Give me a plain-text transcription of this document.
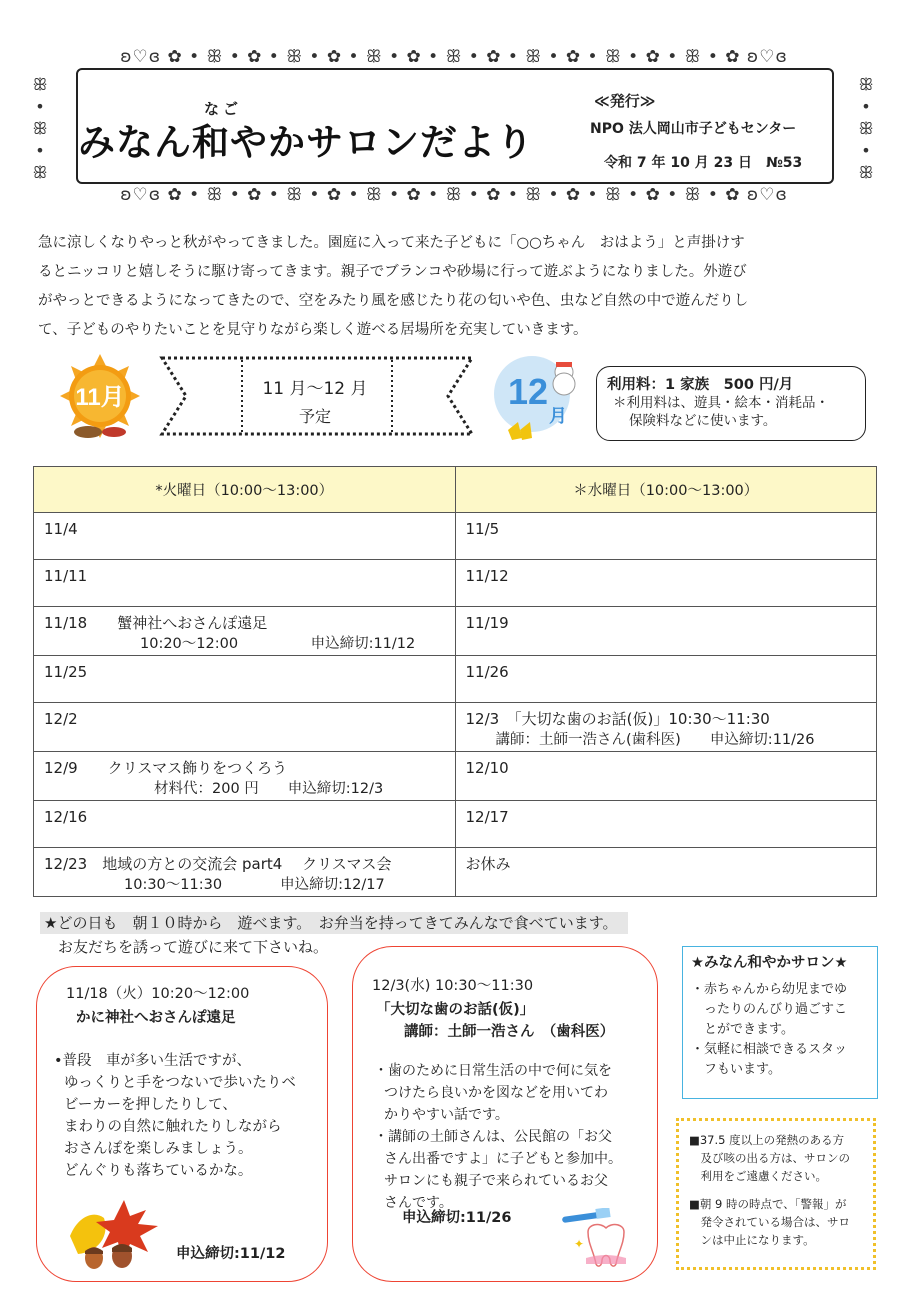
ʚ♡ɞ ✿ • ꕥ • ✿ • ꕥ • ✿ • ꕥ • ✿ • ꕥ • ✿ • ꕥ • ✿ • ꕥ • ✿ • ꕥ • ✿ ʚ♡ɞ
ʚ♡ɞ ✿ • ꕥ • ✿ • ꕥ • ✿ • ꕥ • ✿ • ꕥ • ✿ • ꕥ • ✿ • ꕥ • ✿ • ꕥ • ✿ ʚ♡ɞ
ꕥ
•
ꕥ
•
ꕥ
ꕥ
•
ꕥ
•
ꕥ
なご
みなん和やかサロンだより
≪発行≫
NPO 法人岡山市子どもセンター
令和 7 年 10 月 23 日　№53
急に涼しくなりやっと秋がやってきました。園庭に入って来た子どもに「○○ちゃん　おはよう」と声掛けす
るとニッコリと嬉しそうに駆け寄ってきます。親子でブランコや砂場に行って遊ぶようになりました。外遊び
がやっとできるようになってきたので、空をみたり風を感じたり花の匂いや色、虫など自然の中で遊んだりし
て、子どものやりたいことを見守りながら楽しく遊べる居場所を充実していきます。
11月	11 月～12 月
予定
12
月
利用料：1 家族　500 円/月
＊利用料は、遊具・絵本・消耗品・
保険料などに使います。
*火曜日（10:00～13:00）	＊水曜日（10:00～13:00）
11/4	11/5
11/11	11/12
11/18　　蟹神社へおさんぽ遠足
10:20～12:00　　　　　申込締切:11/12	11/19
11/25	11/26
12/2	12/3　「大切な歯のお話(仮)」10:30～11:30
講師：土師一浩さん(歯科医)　　申込締切:11/26

12/9　　クリスマス飾りをつくろう
材料代：200 円　　申込締切:12/3	12/10
12/16	12/17
12/23　地域の方との交流会 part4　 クリスマス会
10:30～11:30　　　　申込締切:12/17	お休み
★どの日も　朝１０時から　遊べます。　お弁当を持ってきてみんなで食べています。
お友だちを誘って遊びに来て下さいね。
11/18（火）10:20～12:00
かに神社へおさんぽ遠足
•普段　車が多い生活ですが、
ゆっくりと手をつないで歩いたりベ
ビーカーを押したりして、
まわりの自然に触れたりしながら
おさんぽを楽しみましょう。
どんぐりも落ちているかな。
申込締切:11/12
12/3(水) 10:30～11:30
「大切な歯のお話(仮)」
講師：土師一浩さん　（歯科医）
・歯のために日常生活の中で何に気を
つけたら良いかを図などを用いてわ
かりやすい話です。
・講師の土師さんは、公民館の「お父
さん出番ですよ」に子どもと参加中。
サロンにも親子で来られているお父
さんです。
申込締切:11/26
✦
★みなん和やかサロン★
・赤ちゃんから幼児までゆ
　ったりのんびり過ごすこ
　とができます。
・気軽に相談できるスタッ
　フもいます。
■37.5 度以上の発熱のある方
　及び咳の出る方は、サロンの
　利用をご遠慮ください。
■朝 9 時の時点で、「警報」が
　発令されている場合は、サロ
　ンは中止になります。
